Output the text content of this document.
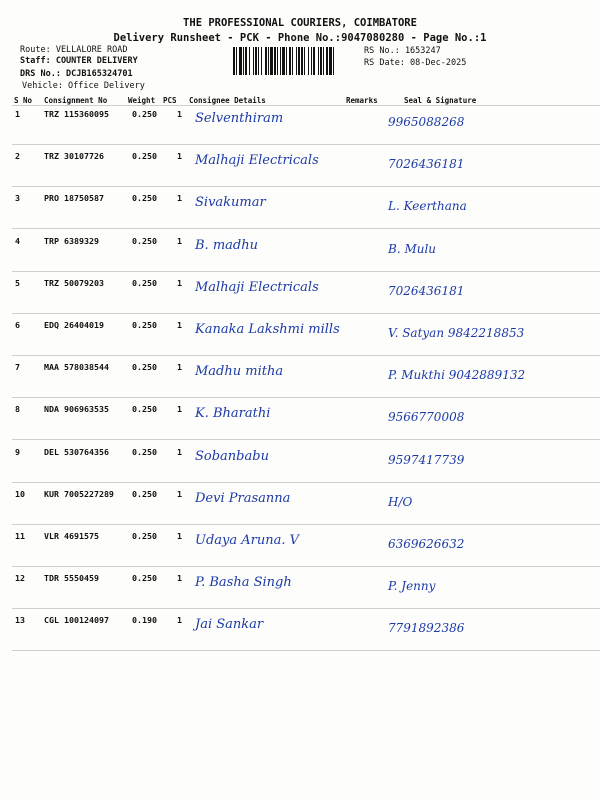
THE PROFESSIONAL COURIERS, COIMBATORE
Delivery Runsheet - PCK - Phone No.:9047080280 - Page No.:1
Route: VELLALORE ROAD
Staff: COUNTER DELIVERY
DRS No.: DCJB165324701
Vehicle: Office Delivery
RS No.: 1653247
RS Date: 08-Dec-2025
S No Consignment No	Weight PCS Consignee Details	Remarks	Seal & Signature
1	TRZ 115360095	0.250 1 Selventhiram	9965088268
2	TRZ 30107726	0.250 1 Malhaji Electricals	7026436181
3	PRO 18750587	0.250 1 Sivakumar	L. Keerthana
4	TRP 6389329	0.250 1 B. madhu	B. Mulu
5	TRZ 50079203	0.250 1 Malhaji Electricals	7026436181
6	EDQ 26404019	0.250 1 Kanaka Lakshmi mills	V. Satyan 9842218853
7	MAA 578038544	0.250 1 Madhu mitha	P. Mukthi 9042889132
8	NDA 906963535	0.250 1 K. Bharathi	9566770008
9	DEL 530764356	0.250 1 Sobanbabu	9597417739
10 KUR 7005227289 0.250 1 Devi Prasanna	H/O
11 VLR 4691575	0.250 1 Udaya Aruna. V	6369626632
12 TDR 5550459	0.250 1 P. Basha Singh	P. Jenny
13 CGL 100124097	0.190 1 Jai Sankar	7791892386
